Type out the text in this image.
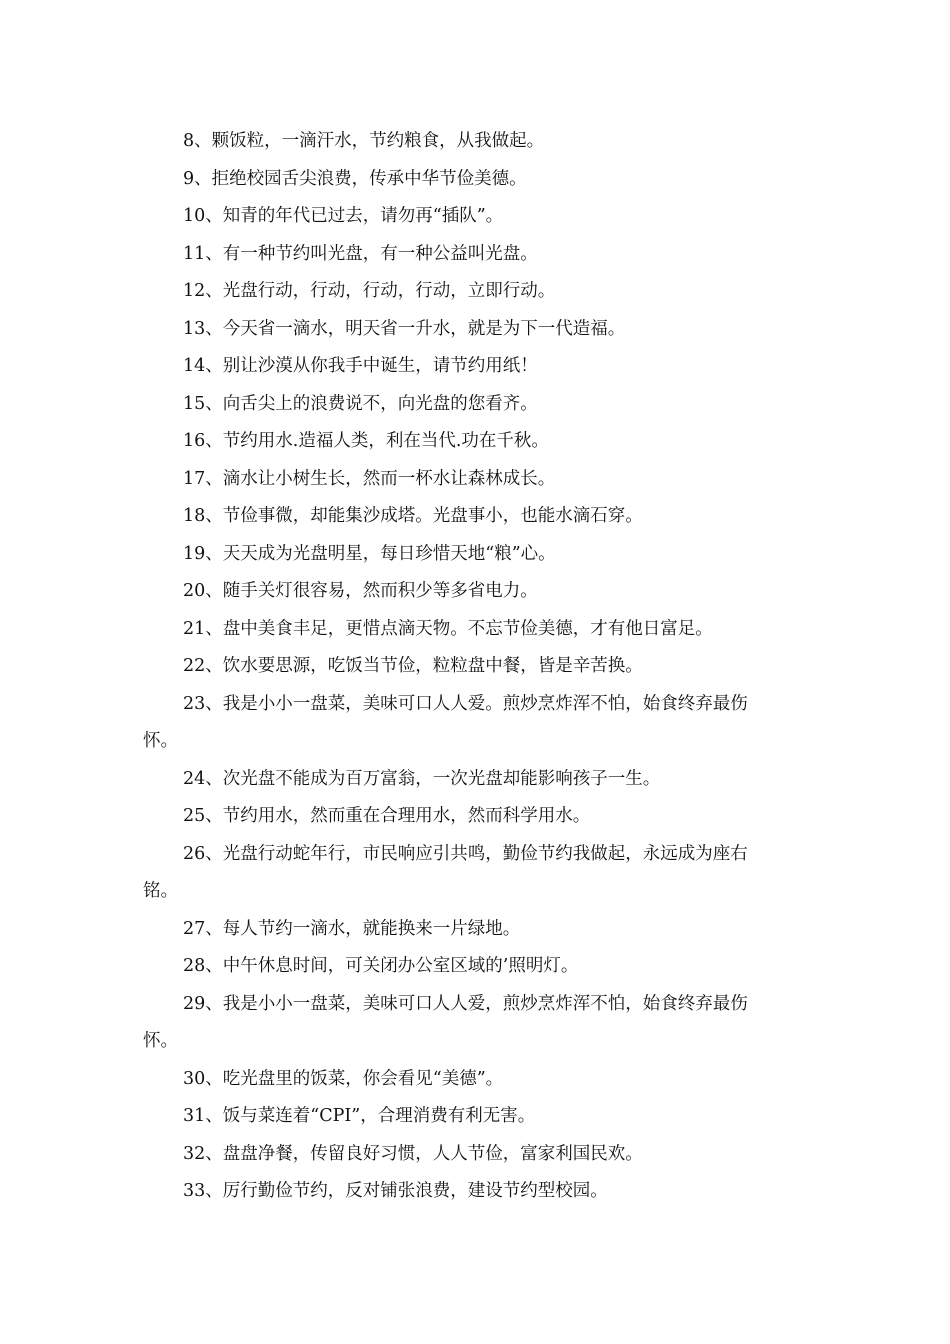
8、颗饭粒，一滴汗水，节约粮食，从我做起。

9、拒绝校园舌尖浪费，传承中华节俭美德。

10、知青的年代已过去，请勿再“插队”。

11、有一种节约叫光盘，有一种公益叫光盘。

12、光盘行动，行动，行动，行动，立即行动。

13、今天省一滴水，明天省一升水，就是为下一代造福。

14、别让沙漠从你我手中诞生，请节约用纸！

15、向舌尖上的浪费说不，向光盘的您看齐。

16、节约用水.造福人类，利在当代.功在千秋。

17、滴水让小树生长，然而一杯水让森林成长。

18、节俭事微，却能集沙成塔。光盘事小，也能水滴石穿。

19、天天成为光盘明星，每日珍惜天地“粮”心。

20、随手关灯很容易，然而积少等多省电力。

21、盘中美食丰足，更惜点滴天物。不忘节俭美德，才有他日富足。

22、饮水要思源，吃饭当节俭，粒粒盘中餐，皆是辛苦换。

23、我是小小一盘菜，美味可口人人爱。煎炒烹炸浑不怕，始食终弃最伤

怀。

24、次光盘不能成为百万富翁，一次光盘却能影响孩子一生。

25、节约用水，然而重在合理用水，然而科学用水。

26、光盘行动蛇年行，市民响应引共鸣，勤俭节约我做起，永远成为座右

铭。

27、每人节约一滴水，就能换来一片绿地。

28、中午休息时间，可关闭办公室区域的’照明灯。

29、我是小小一盘菜，美味可口人人爱，煎炒烹炸浑不怕，始食终弃最伤

怀。

30、吃光盘里的饭菜，你会看见“美德”。

31、饭与菜连着“CPI”，合理消费有利无害。

32、盘盘净餐，传留良好习惯，人人节俭，富家利国民欢。

33、厉行勤俭节约，反对铺张浪费，建设节约型校园。
